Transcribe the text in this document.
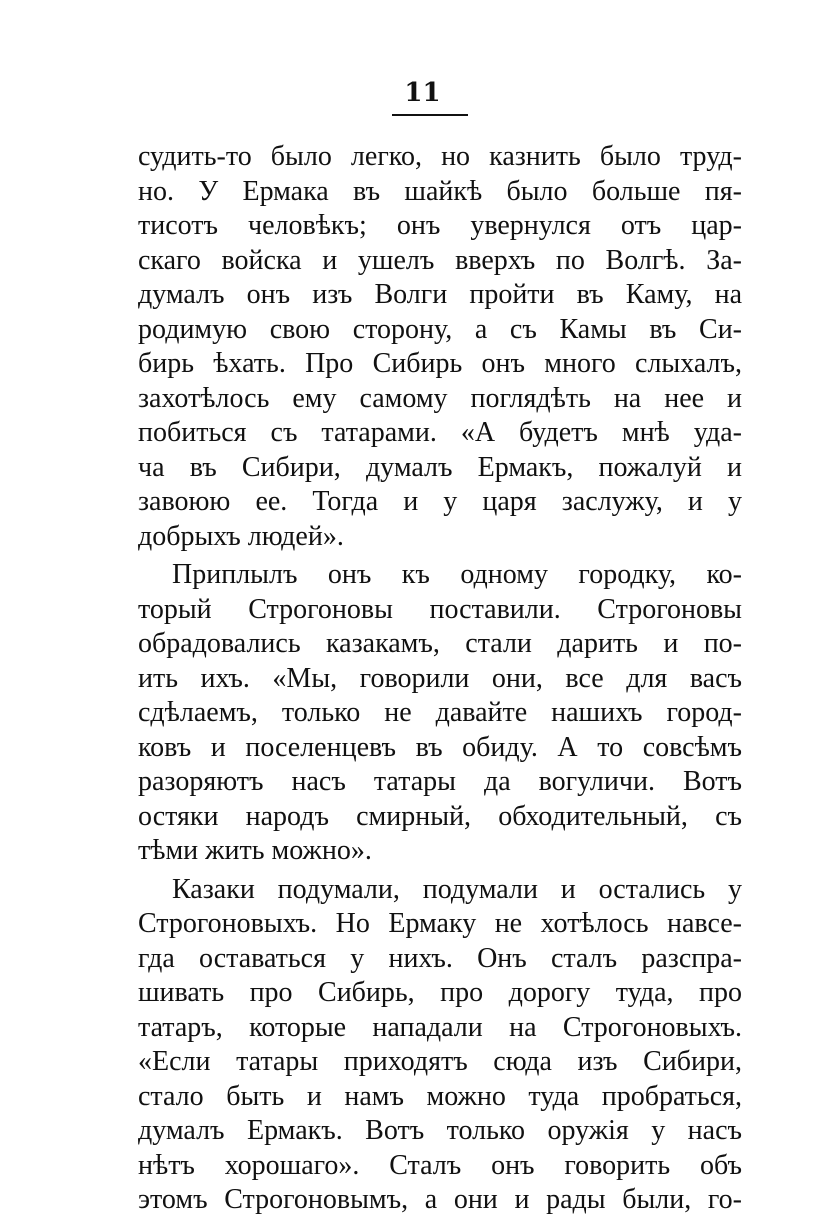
11
судить-то было легко, но казнить было труд-
но. У Ермака въ шайкѣ было больше пя-
тисотъ человѣкъ; онъ увернулся отъ цар-
скаго войска и ушелъ вверхъ по Волгѣ. За-
думалъ онъ изъ Волги пройти въ Каму, на
родимую свою сторону, а съ Камы въ Си-
бирь ѣхать. Про Сибирь онъ много слыхалъ,
захотѣлось ему самому поглядѣть на нее и
побиться съ татарами. «А будетъ мнѣ уда-
ча въ Сибири, думалъ Ермакъ, пожалуй и
завоюю ее. Тогда и у царя заслужу, и у
добрыхъ людей».
Приплылъ онъ къ одному городку, ко-
торый Строгоновы поставили. Строгоновы
обрадовались казакамъ, стали дарить и по-
ить ихъ. «Мы, говорили они, все для васъ
сдѣлаемъ, только не давайте нашихъ город-
ковъ и поселенцевъ въ обиду. А то совсѣмъ
разоряютъ насъ татары да вогуличи. Вотъ
остяки народъ смирный, обходительный, съ
тѣми жить можно».
Казаки подумали, подумали и остались у
Строгоновыхъ. Но Ермаку не хотѣлось навсе-
гда оставаться у нихъ. Онъ сталъ разспра-
шивать про Сибирь, про дорогу туда, про
татаръ, которые нападали на Строгоновыхъ.
«Если татары приходятъ сюда изъ Сибири,
стало быть и намъ можно туда пробраться,
думалъ Ермакъ. Вотъ только оружія у насъ
нѣтъ хорошаго». Сталъ онъ говорить объ
этомъ Строгоновымъ, а они и рады были, го-
